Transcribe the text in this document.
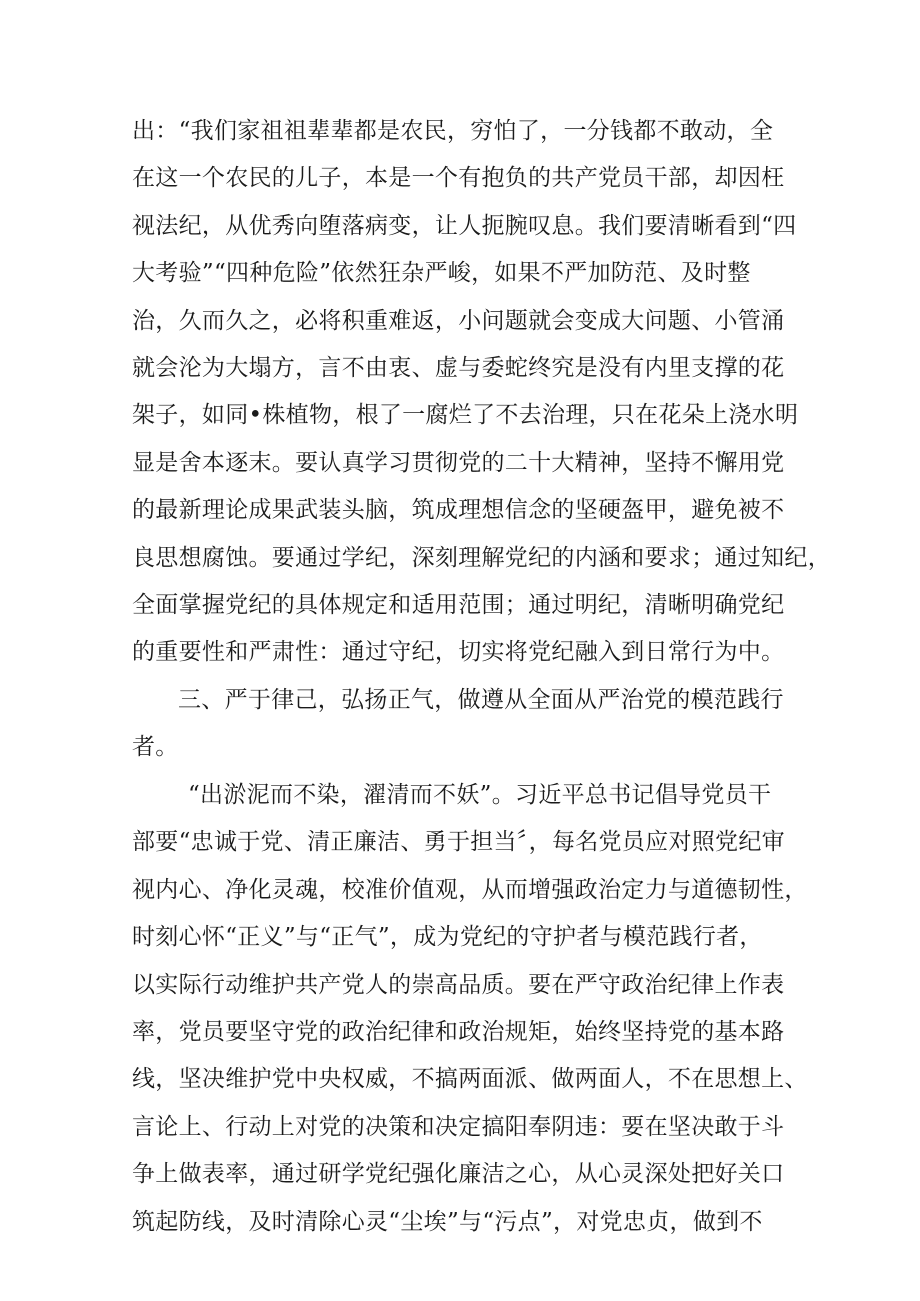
出：“我们家祖祖辈辈都是农民，穷怕了，一分钱都不敢动，全
在这一个农民的儿子，本是一个有抱负的共产党员干部，却因枉
视法纪，从优秀向堕落病变，让人扼腕叹息。我们要清晰看到“四
大考验”“四种危险”依然狂杂严峻，如果不严加防范、及时整
治，久而久之，必将积重难返，小问题就会变成大问题、小管涌
就会沦为大塌方，言不由衷、虚与委蛇终究是没有内里支撑的花
架子，如同•株植物，根了一腐烂了不去治理，只在花朵上浇水明
显是舍本逐末。要认真学习贯彻党的二十大精神，坚持不懈用党
的最新理论成果武装头脑，筑成理想信念的坚硬盔甲，避免被不
良思想腐蚀。要通过学纪，深刻理解党纪的内涵和要求；通过知纪，
全面掌握党纪的具体规定和适用范围；通过明纪，清晰明确党纪
的重要性和严肃性：通过守纪，切实将党纪融入到日常行为中。
三、严于律己，弘扬正气，做遵从全面从严治党的模范践行
者。
“出淤泥而不染，濯清而不妖”。习近平总书记倡导党员干
部要“忠诚于党、清正廉洁、勇于担当〞，每名党员应对照党纪审
视内心、净化灵魂，校准价值观，从而增强政治定力与道德韧性，
时刻心怀“正义”与“正气”，成为党纪的守护者与模范践行者，
以实际行动维护共产党人的崇高品质。要在严守政治纪律上作表
率，党员要坚守党的政治纪律和政治规矩，始终坚持党的基本路
线，坚决维护党中央权威，不搞两面派、做两面人，不在思想上、
言论上、行动上对党的决策和决定搞阳奉阴违：要在坚决敢于斗
争上做表率，通过研学党纪强化廉洁之心，从心灵深处把好关口
筑起防线，及时清除心灵“尘埃”与“污点”，对党忠贞，做到不
